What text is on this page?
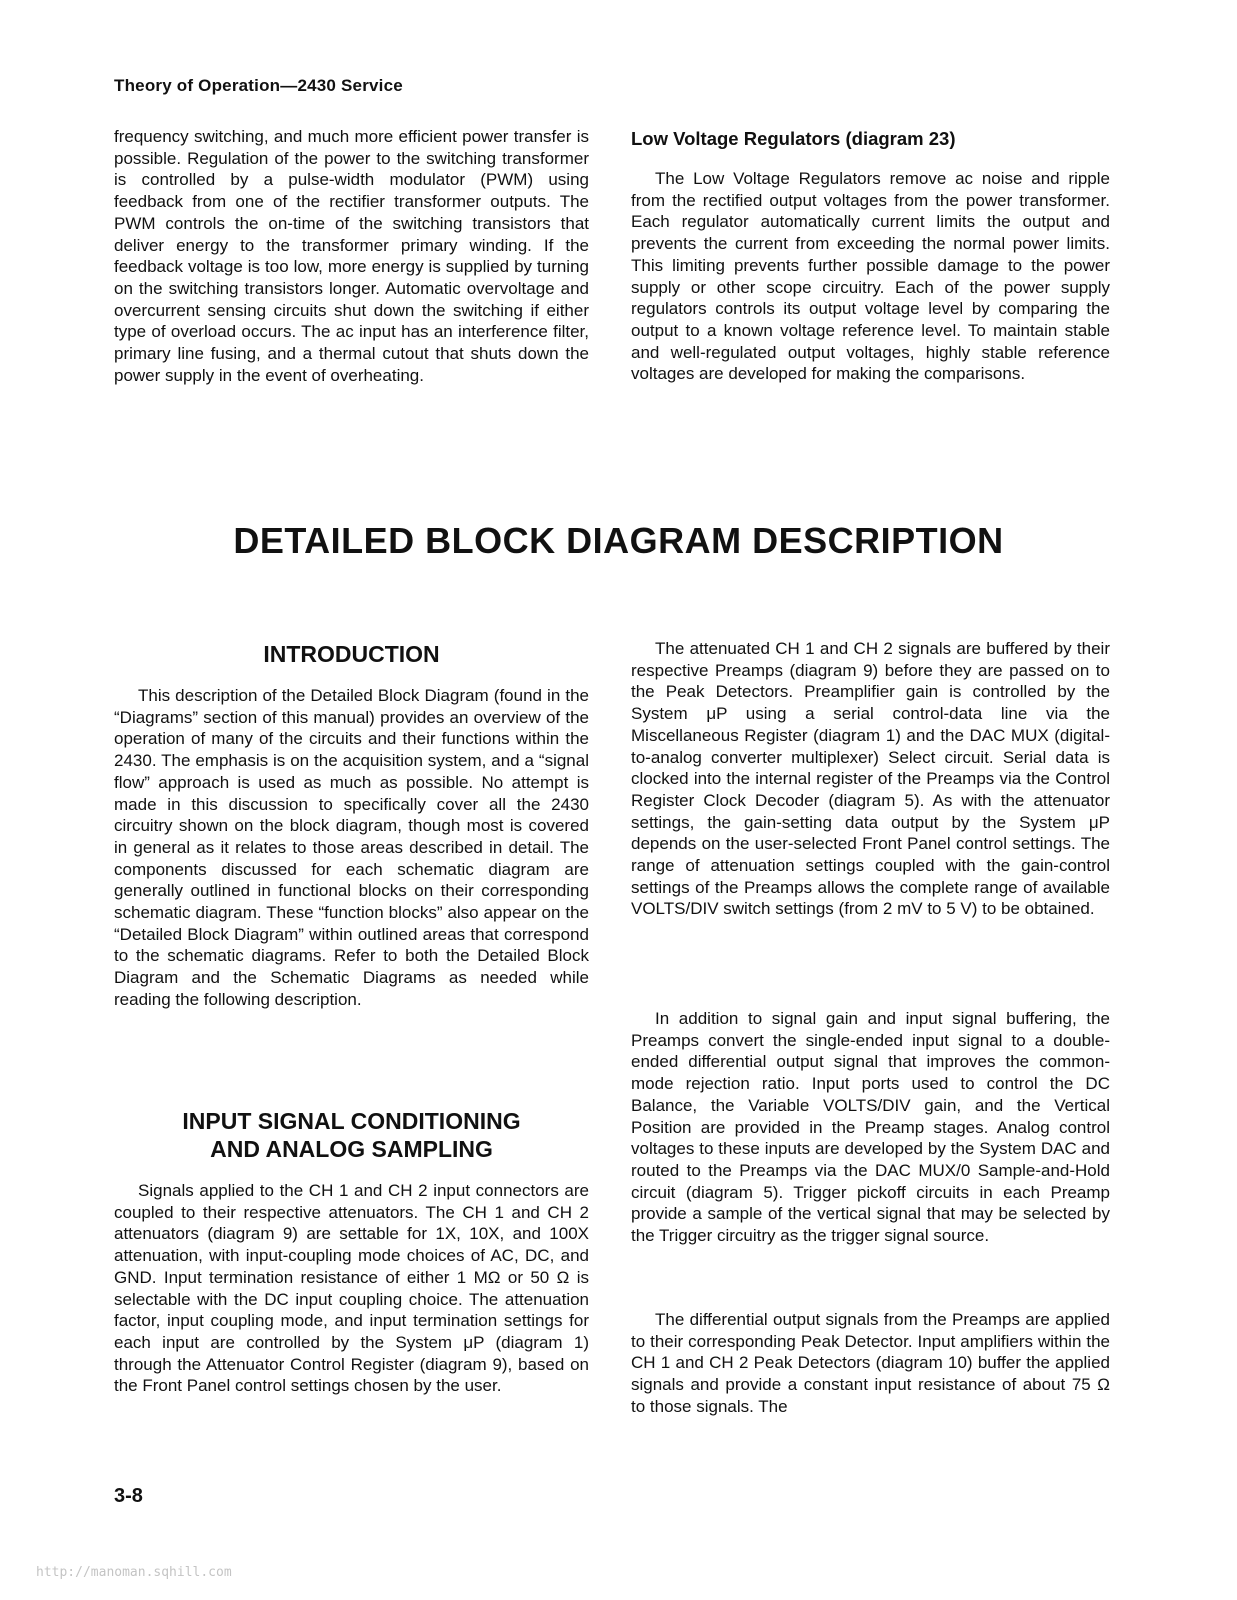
Theory of Operation—2430 Service

frequency switching, and much more efficient power transfer is possible. Regulation of the power to the switching transformer is controlled by a pulse-width modulator (PWM) using feedback from one of the rectifier transformer outputs. The PWM controls the on-time of the switching transistors that deliver energy to the transformer primary winding. If the feedback voltage is too low, more energy is supplied by turning on the switching transistors longer. Automatic overvoltage and overcurrent sensing circuits shut down the switching if either type of overload occurs. The ac input has an interference filter, primary line fusing, and a thermal cutout that shuts down the power supply in the event of overheating.

Low Voltage Regulators (diagram 23)

The Low Voltage Regulators remove ac noise and ripple from the rectified output voltages from the power transformer. Each regulator automatically current limits the output and prevents the current from exceeding the normal power limits. This limiting prevents further possible damage to the power supply or other scope circuitry. Each of the power supply regulators controls its output voltage level by comparing the output to a known voltage reference level. To maintain stable and well-regulated output voltages, highly stable reference voltages are developed for making the comparisons.

DETAILED BLOCK DIAGRAM DESCRIPTION
INTRODUCTION

This description of the Detailed Block Diagram (found in the “Diagrams” section of this manual) provides an overview of the operation of many of the circuits and their functions within the 2430. The emphasis is on the acquisition system, and a “signal flow” approach is used as much as possible. No attempt is made in this discussion to specifically cover all the 2430 circuitry shown on the block diagram, though most is covered in general as it relates to those areas described in detail. The components discussed for each schematic diagram are generally outlined in functional blocks on their corresponding schematic diagram. These “function blocks” also appear on the “Detailed Block Diagram” within outlined areas that correspond to the schematic diagrams. Refer to both the Detailed Block Diagram and the Schematic Diagrams as needed while reading the following description.

INPUT SIGNAL CONDITIONING
AND ANALOG SAMPLING

Signals applied to the CH 1 and CH 2 input connectors are coupled to their respective attenuators. The CH 1 and CH 2 attenuators (diagram 9) are settable for 1X, 10X, and 100X attenuation, with input-coupling mode choices of AC, DC, and GND. Input termination resistance of either 1 MΩ or 50 Ω is selectable with the DC input coupling choice. The attenuation factor, input coupling mode, and input termination settings for each input are controlled by the System μP (diagram 1) through the Attenuator Control Register (diagram 9), based on the Front Panel control settings chosen by the user.

The attenuated CH 1 and CH 2 signals are buffered by their respective Preamps (diagram 9) before they are passed on to the Peak Detectors. Preamplifier gain is controlled by the System μP using a serial control-data line via the Miscellaneous Register (diagram 1) and the DAC MUX (digital-to-analog converter multiplexer) Select circuit. Serial data is clocked into the internal register of the Preamps via the Control Register Clock Decoder (diagram 5). As with the attenuator settings, the gain-setting data output by the System μP depends on the user-selected Front Panel control settings. The range of attenuation settings coupled with the gain-control settings of the Preamps allows the complete range of available VOLTS/DIV switch settings (from 2 mV to 5 V) to be obtained.

In addition to signal gain and input signal buffering, the Preamps convert the single-ended input signal to a double-ended differential output signal that improves the common-mode rejection ratio. Input ports used to control the DC Balance, the Variable VOLTS/DIV gain, and the Vertical Position are provided in the Preamp stages. Analog control voltages to these inputs are developed by the System DAC and routed to the Preamps via the DAC MUX/0 Sample-and-Hold circuit (diagram 5). Trigger pickoff circuits in each Preamp provide a sample of the vertical signal that may be selected by the Trigger circuitry as the trigger signal source.

The differential output signals from the Preamps are applied to their corresponding Peak Detector. Input amplifiers within the CH 1 and CH 2 Peak Detectors (diagram 10) buffer the applied signals and provide a constant input resistance of about 75 Ω to those signals. The

3-8
http://manoman.sqhill.com
